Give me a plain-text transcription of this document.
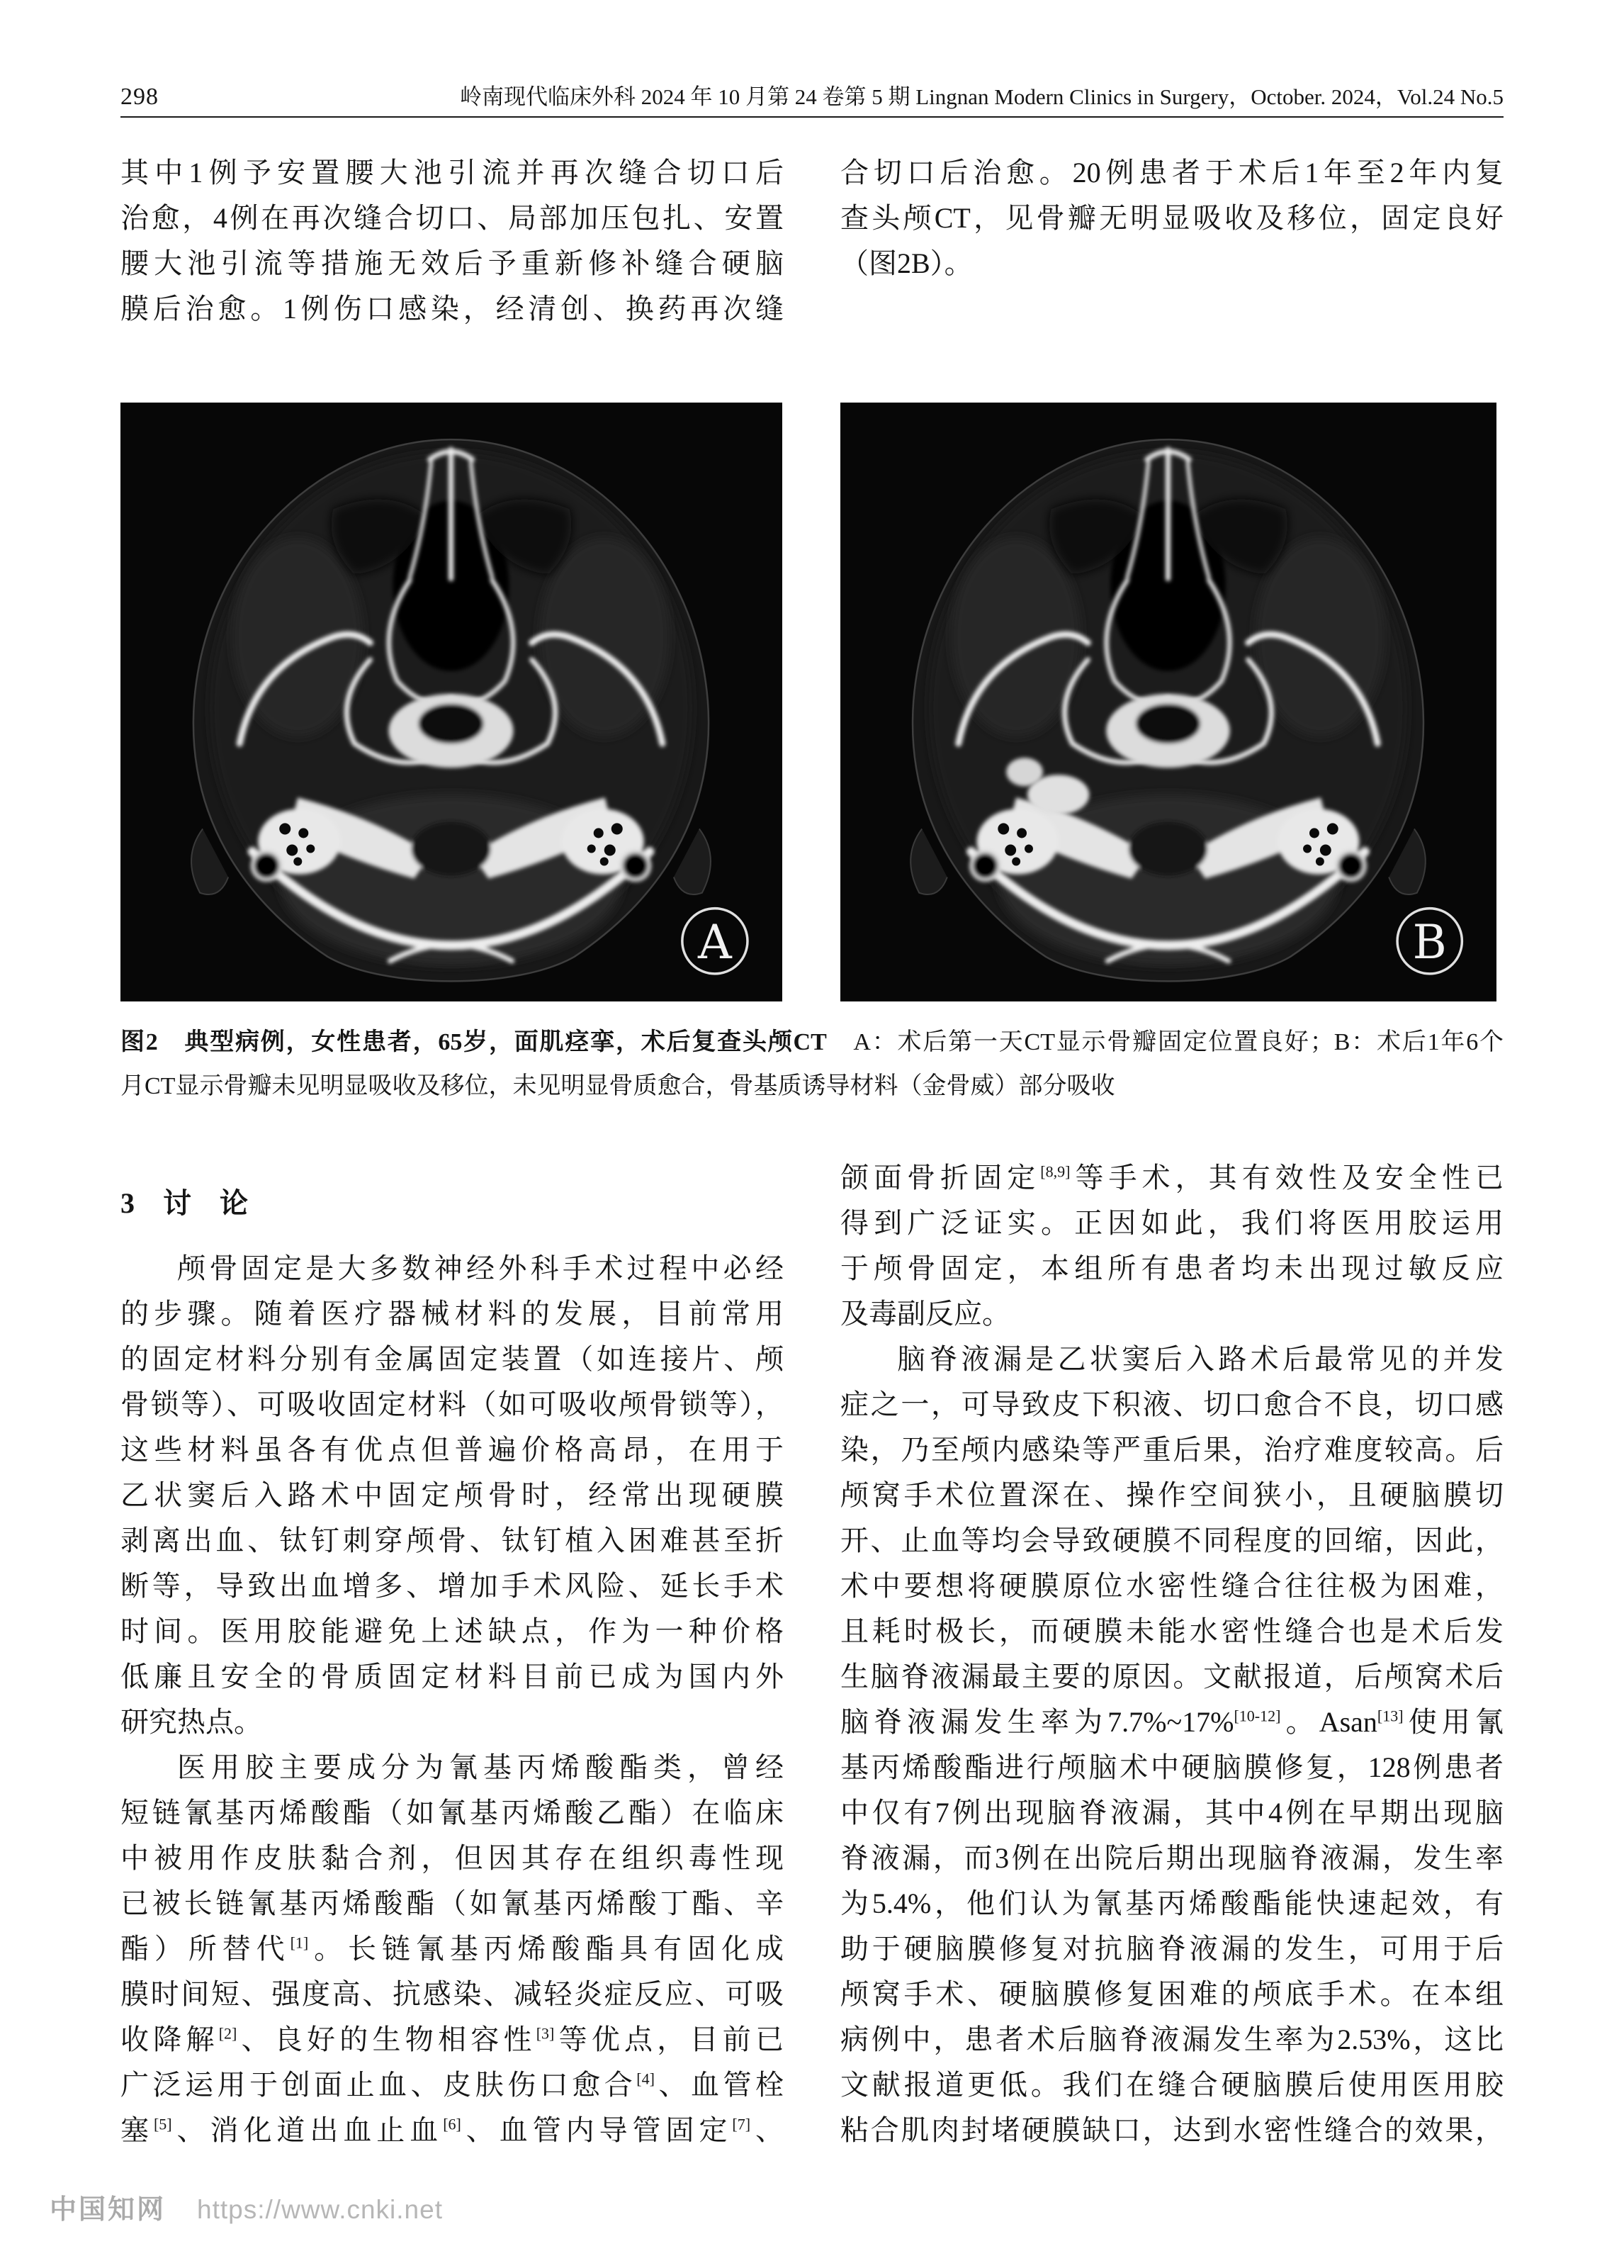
298	岭南现代临床外科 2024 年 10 月第 24 卷第 5 期 Lingnan Modern Clinics in Surgery，October. 2024，Vol.24 No.5
其中1例予安置腰大池引流并再次缝合切口后
治愈，4例在再次缝合切口、局部加压包扎、安置
腰大池引流等措施无效后予重新修补缝合硬脑
膜后治愈。1例伤口感染，经清创、换药再次缝
合切口后治愈。20例患者于术后1年至2年内复
查头颅CT，见骨瓣无明显吸收及移位，固定良好
（图2B）。
A	B
图2　典型病例，女性患者，65岁，面肌痉挛，术后复查头颅CT　A：术后第一天CT显示骨瓣固定位置良好；B：术后1年6个
月CT显示骨瓣未见明显吸收及移位，未见明显骨质愈合，骨基质诱导材料（金骨威）部分吸收
3　讨　论
颅骨固定是大多数神经外科手术过程中必经
的步骤。随着医疗器械材料的发展，目前常用
的固定材料分别有金属固定装置（如连接片、颅
骨锁等）、可吸收固定材料（如可吸收颅骨锁等），
这些材料虽各有优点但普遍价格高昂，在用于
乙状窦后入路术中固定颅骨时，经常出现硬膜
剥离出血、钛钉刺穿颅骨、钛钉植入困难甚至折
断等，导致出血增多、增加手术风险、延长手术
时间。医用胶能避免上述缺点，作为一种价格
低廉且安全的骨质固定材料目前已成为国内外
研究热点。
医用胶主要成分为氰基丙烯酸酯类，曾经
短链氰基丙烯酸酯（如氰基丙烯酸乙酯）在临床
中被用作皮肤黏合剂，但因其存在组织毒性现
已被长链氰基丙烯酸酯（如氰基丙烯酸丁酯、辛
酯）所替代[1]。长链氰基丙烯酸酯具有固化成
膜时间短、强度高、抗感染、减轻炎症反应、可吸
收降解[2]、良好的生物相容性[3]等优点，目前已
广泛运用于创面止血、皮肤伤口愈合[4]、血管栓
塞[5]、消化道出血止血[6]、血管内导管固定[7]、
颌面骨折固定[8,9]等手术，其有效性及安全性已
得到广泛证实。正因如此，我们将医用胶运用
于颅骨固定，本组所有患者均未出现过敏反应
及毒副反应。
脑脊液漏是乙状窦后入路术后最常见的并发
症之一，可导致皮下积液、切口愈合不良，切口感
染，乃至颅内感染等严重后果，治疗难度较高。后
颅窝手术位置深在、操作空间狭小，且硬脑膜切
开、止血等均会导致硬膜不同程度的回缩，因此，
术中要想将硬膜原位水密性缝合往往极为困难，
且耗时极长，而硬膜未能水密性缝合也是术后发
生脑脊液漏最主要的原因。文献报道，后颅窝术后
脑脊液漏发生率为7.7%~17%[10-12]。Asan[13]使用氰
基丙烯酸酯进行颅脑术中硬脑膜修复，128例患者
中仅有7例出现脑脊液漏，其中4例在早期出现脑
脊液漏，而3例在出院后期出现脑脊液漏，发生率
为5.4%，他们认为氰基丙烯酸酯能快速起效，有
助于硬脑膜修复对抗脑脊液漏的发生，可用于后
颅窝手术、硬脑膜修复困难的颅底手术。在本组
病例中，患者术后脑脊液漏发生率为2.53%，这比
文献报道更低。我们在缝合硬脑膜后使用医用胶
粘合肌肉封堵硬膜缺口，达到水密性缝合的效果，
中国知网 https://www.cnki.net
